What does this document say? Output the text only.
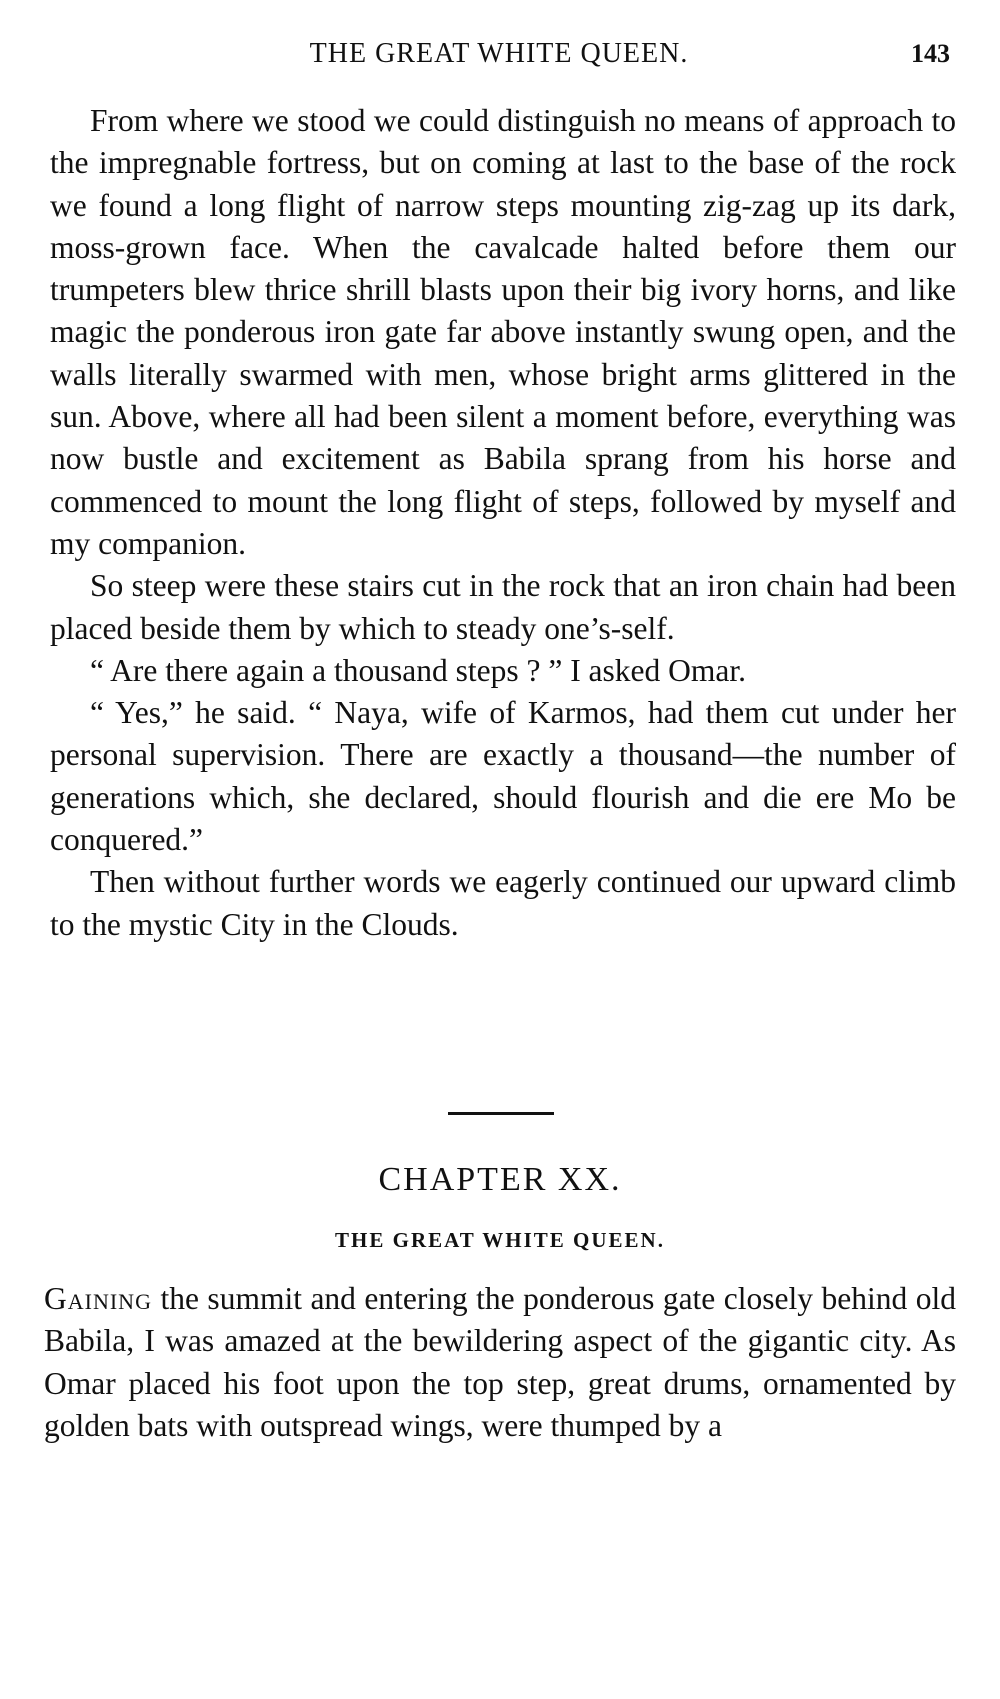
THE GREAT WHITE QUEEN.	143

From where we stood we could distinguish no means of approach to the impregnable fortress, but on coming at last to the base of the rock we found a long flight of narrow steps mounting zig-zag up its dark, moss-grown face. When the cavalcade halted before them our trumpeters blew thrice shrill blasts upon their big ivory horns, and like magic the ponderous iron gate far above instantly swung open, and the walls literally swarmed with men, whose bright arms glittered in the sun. Above, where all had been silent a moment before, everything was now bustle and excitement as Babila sprang from his horse and commenced to mount the long flight of steps, followed by myself and my companion.

So steep were these stairs cut in the rock that an iron chain had been placed beside them by which to steady one’s-self.

“ Are there again a thousand steps ? ” I asked Omar.

“ Yes,” he said. “ Naya, wife of Karmos, had them cut under her personal supervision. There are exactly a thousand—the number of generations which, she declared, should flourish and die ere Mo be conquered.”

Then without further words we eagerly continued our upward climb to the mystic City in the Clouds.

CHAPTER XX.
THE GREAT WHITE QUEEN.

Gaining the summit and entering the ponderous gate closely behind old Babila, I was amazed at the bewildering aspect of the gigantic city. As Omar placed his foot upon the top step, great drums, ornamented by golden bats with outspread wings, were thumped by a
